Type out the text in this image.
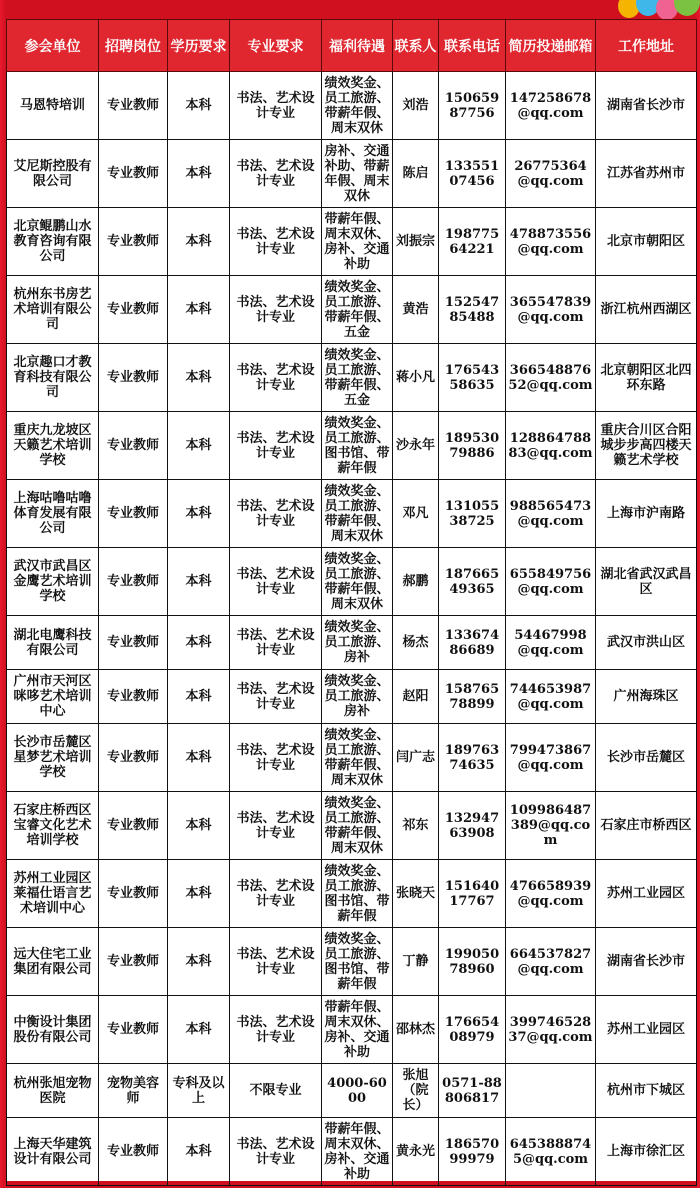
参会单位	招聘岗位	学历要求	专业要求	福利待遇	联系人	联系电话	简历投递邮箱	工作地址
马恩特培训	专业教师	本科	书法、艺术设计专业	绩效奖金、员工旅游、带薪年假、周末双休	刘浩	15065987756	147258678@qq.com	湖南省长沙市
艾尼斯控股有限公司	专业教师	本科	书法、艺术设计专业	房补、交通补助、带薪年假、周末双休	陈启	13355107456	26775364@qq.com	江苏省苏州市
北京鲲鹏山水教育咨询有限公司	专业教师	本科	书法、艺术设计专业	带薪年假、周末双休、房补、交通补助	刘振宗	19877564221	478873556@qq.com	北京市朝阳区
杭州东书房艺术培训有限公司	专业教师	本科	书法、艺术设计专业	绩效奖金、员工旅游、带薪年假、五金	黄浩	15254785488	365547839@qq.com	浙江杭州西湖区
北京趣口才教育科技有限公司	专业教师	本科	书法、艺术设计专业	绩效奖金、员工旅游、带薪年假、五金	蒋小凡	17654358635	36654887652@qq.com	北京朝阳区北四环东路
重庆九龙坡区天籁艺术培训学校	专业教师	本科	书法、艺术设计专业	绩效奖金、员工旅游、图书馆、带薪年假	沙永年	18953079886	12886478883@qq.com	重庆合川区合阳城步步高四楼天籁艺术学校
上海咕噜咕噜体育发展有限公司	专业教师	本科	书法、艺术设计专业	绩效奖金、员工旅游、带薪年假、周末双休	邓凡	13105538725	988565473@qq.com	上海市沪南路
武汉市武昌区金鹰艺术培训学校	专业教师	本科	书法、艺术设计专业	绩效奖金、员工旅游、带薪年假、周末双休	郝鹏	18766549365	655849756@qq.com	湖北省武汉武昌区
湖北电鹰科技有限公司	专业教师	本科	书法、艺术设计专业	绩效奖金、员工旅游、房补	杨杰	13367486689	54467998@qq.com	武汉市洪山区
广州市天河区咪哆艺术培训中心	专业教师	本科	书法、艺术设计专业	绩效奖金、员工旅游、房补	赵阳	15876578899	744653987@qq.com	广州海珠区
长沙市岳麓区星梦艺术培训学校	专业教师	本科	书法、艺术设计专业	绩效奖金、员工旅游、带薪年假、周末双休	闫广志	18976374635	799473867@qq.com	长沙市岳麓区
石家庄桥西区宝睿文化艺术培训学校	专业教师	本科	书法、艺术设计专业	绩效奖金、员工旅游、带薪年假、周末双休	祁东	13294763908	109986487389@qq.com	石家庄市桥西区
苏州工业园区莱福仕语言艺术培训中心	专业教师	本科	书法、艺术设计专业	绩效奖金、员工旅游、图书馆、带薪年假	张晓天	15164017767	476658939@qq.com	苏州工业园区
远大住宅工业集团有限公司	专业教师	本科	书法、艺术设计专业	绩效奖金、员工旅游、图书馆、带薪年假	丁静	19905078960	664537827@qq.com	湖南省长沙市
中衡设计集团股份有限公司	专业教师	本科	书法、艺术设计专业	带薪年假、周末双休、房补、交通补助	邵林杰	17665408979	39974652837@qq.com	苏州工业园区
杭州张旭宠物医院	宠物美容师	专科及以上	不限专业	4000-6000	张旭（院长）	0571-88806817		杭州市下城区
上海天华建筑设计有限公司	专业教师	本科	书法、艺术设计专业	带薪年假、周末双休、房补、交通补助	黄永光	18657099979	6453888745@qq.com	上海市徐汇区
